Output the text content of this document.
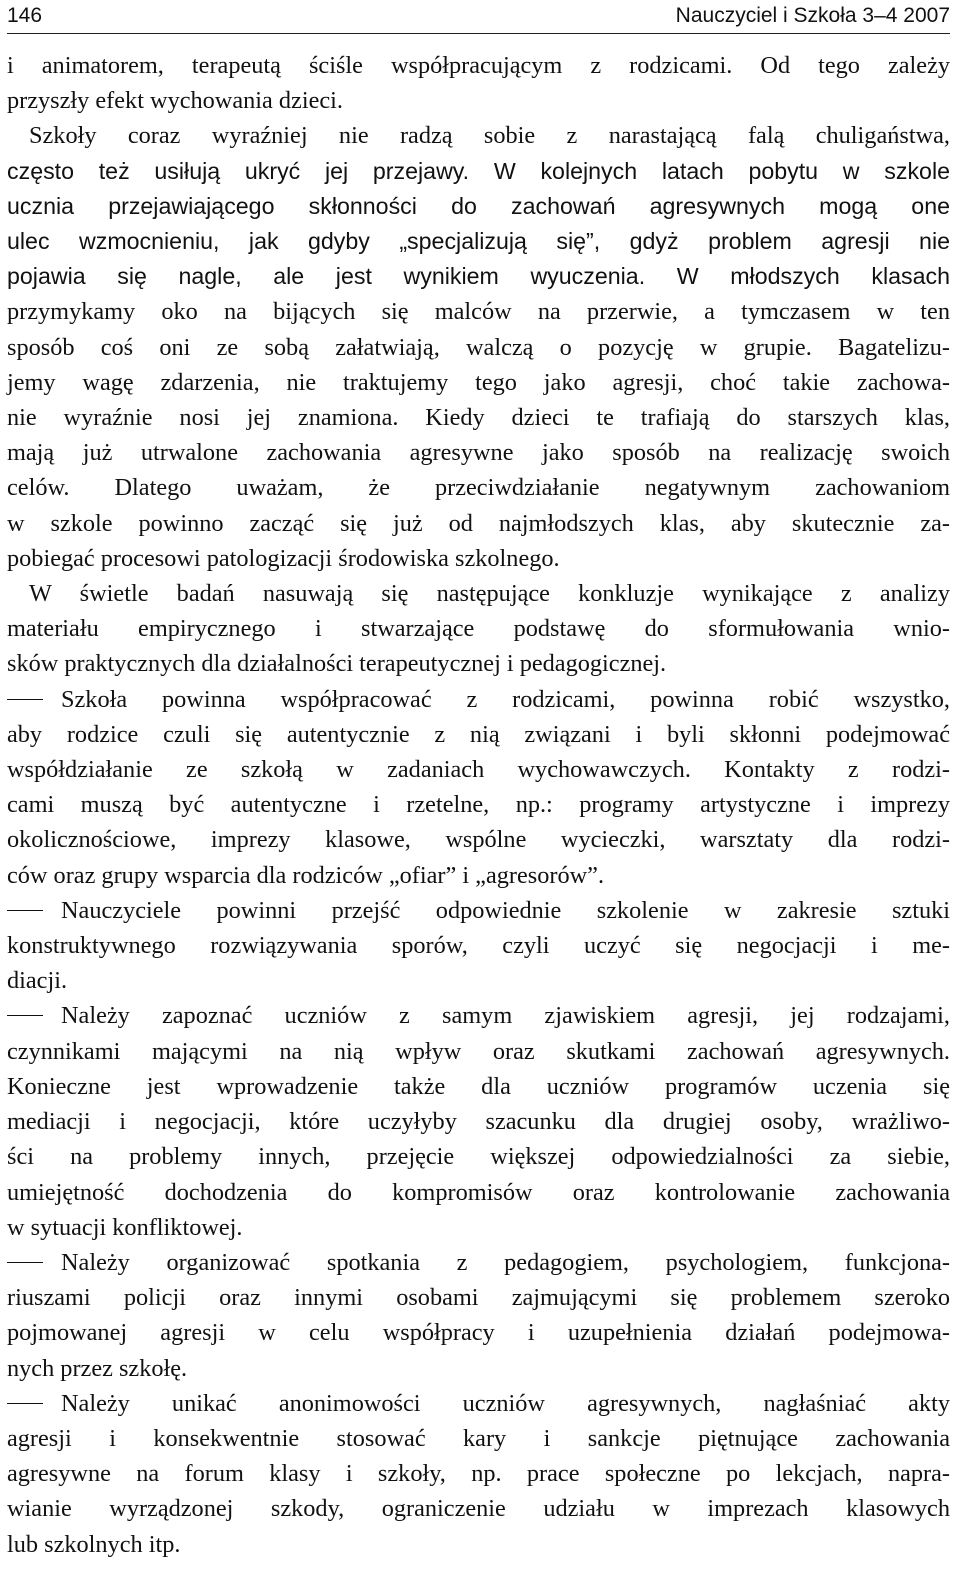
146	Nauczyciel i Szkoła 3–4 2007
i animatorem, terapeutą ściśle współpracującym z rodzicami. Od tego zależy
przyszły efekt wychowania dzieci.
Szkoły coraz wyraźniej nie radzą sobie z narastającą falą chuligaństwa,
często też usiłują ukryć jej przejawy. W kolejnych latach pobytu w szkole
ucznia przejawiającego skłonności do zachowań agresywnych mogą one
ulec wzmocnieniu, jak gdyby „specjalizują się”, gdyż problem agresji nie
pojawia się nagle, ale jest wynikiem wyuczenia. W młodszych klasach
przymykamy oko na bijących się malców na przerwie, a tymczasem w ten
sposób coś oni ze sobą załatwiają, walczą o pozycję w grupie. Bagatelizu-
jemy wagę zdarzenia, nie traktujemy tego jako agresji, choć takie zachowa-
nie wyraźnie nosi jej znamiona. Kiedy dzieci te trafiają do starszych klas,
mają już utrwalone zachowania agresywne jako sposób na realizację swoich
celów. Dlatego uważam, że przeciwdziałanie negatywnym zachowaniom
w szkole powinno zacząć się już od najmłodszych klas, aby skutecznie za-
pobiegać procesowi patologizacji środowiska szkolnego.
W świetle badań nasuwają się następujące konkluzje wynikające z analizy
materiału empirycznego i stwarzające podstawę do sformułowania wnio-
sków praktycznych dla działalności terapeutycznej i pedagogicznej.
Szkoła powinna współpracować z rodzicami, powinna robić wszystko,
aby rodzice czuli się autentycznie z nią związani i byli skłonni podejmować
współdziałanie ze szkołą w zadaniach wychowawczych. Kontakty z rodzi-
cami muszą być autentyczne i rzetelne, np.: programy artystyczne i imprezy
okolicznościowe, imprezy klasowe, wspólne wycieczki, warsztaty dla rodzi-
ców oraz grupy wsparcia dla rodziców „ofiar” i „agresorów”.
Nauczyciele powinni przejść odpowiednie szkolenie w zakresie sztuki
konstruktywnego rozwiązywania sporów, czyli uczyć się negocjacji i me-
diacji.
Należy zapoznać uczniów z samym zjawiskiem agresji, jej rodzajami,
czynnikami mającymi na nią wpływ oraz skutkami zachowań agresywnych.
Konieczne jest wprowadzenie także dla uczniów programów uczenia się
mediacji i negocjacji, które uczyłyby szacunku dla drugiej osoby, wrażliwo-
ści na problemy innych, przejęcie większej odpowiedzialności za siebie,
umiejętność dochodzenia do kompromisów oraz kontrolowanie zachowania
w sytuacji konfliktowej.
Należy organizować spotkania z pedagogiem, psychologiem, funkcjona-
riuszami policji oraz innymi osobami zajmującymi się problemem szeroko
pojmowanej agresji w celu współpracy i uzupełnienia działań podejmowa-
nych przez szkołę.
Należy unikać anonimowości uczniów agresywnych, nagłaśniać akty
agresji i konsekwentnie stosować kary i sankcje piętnujące zachowania
agresywne na forum klasy i szkoły, np. prace społeczne po lekcjach, napra-
wianie wyrządzonej szkody, ograniczenie udziału w imprezach klasowych
lub szkolnych itp.
